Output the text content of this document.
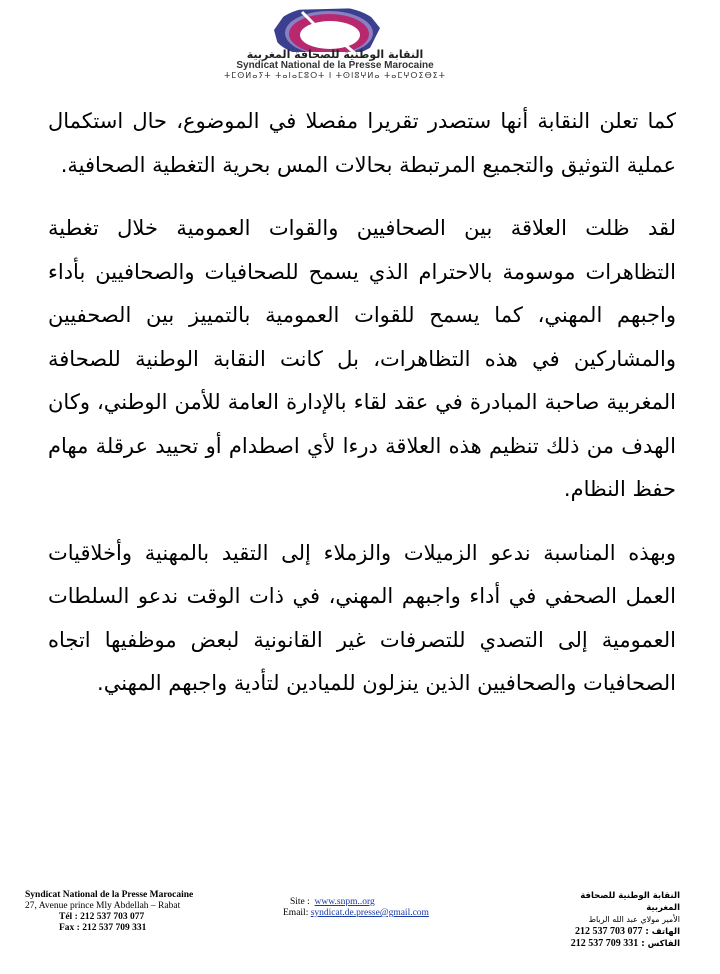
النقابة الوطنية للصحافة المغربية
Syndicat National de la Presse Marocaine
ⵜⵎⵙⵍⴰⵢⵜ ⵜⴰⵏⴰⵎⵓⵔⵜ ⵏ ⵜⵙⵏⵓⵖⵍⴰ ⵜⴰⵎⵖⵔⵉⴱⵉⵜ

كما تعلن النقابة أنها ستصدر تقريرا مفصلا في الموضوع، حال استكمال عملية التوثيق والتجميع المرتبطة بحالات المس بحرية التغطية الصحافية.

لقد ظلت العلاقة بين الصحافيين والقوات العمومية خلال تغطية التظاهرات موسومة بالاحترام الذي يسمح للصحافيات والصحافيين بأداء واجبهم المهني، كما يسمح للقوات العمومية بالتمييز بين الصحفيين والمشاركين في هذه التظاهرات، بل كانت النقابة الوطنية للصحافة المغربية صاحبة المبادرة في عقد لقاء بالإدارة العامة للأمن الوطني، وكان الهدف من ذلك تنظيم هذه العلاقة درءا لأي اصطدام أو تحييد عرقلة مهام حفظ النظام.

وبهذه المناسبة ندعو الزميلات والزملاء إلى التقيد بالمهنية وأخلاقيات العمل الصحفي في أداء واجبهم المهني، في ذات الوقت ندعو السلطات العمومية إلى التصدي للتصرفات غير القانونية لبعض موظفيها اتجاه الصحافيات والصحافيين الذين ينزلون للميادين لتأدية واجبهم المهني.

Syndicat National de la Presse Marocaine
27, Avenue prince Mly Abdellah – Rabat
Tél : 212 537 703 077
Fax : 212 537 709 331
Site : www.snpm..org
Email: syndicat.de.presse@gmail.com
النقابة الوطنية للصحافة المغربية
الأمير مولاي عبد الله الرباط
الهاتف : 212 537 703 077
الفاكس : 212 537 709 331
